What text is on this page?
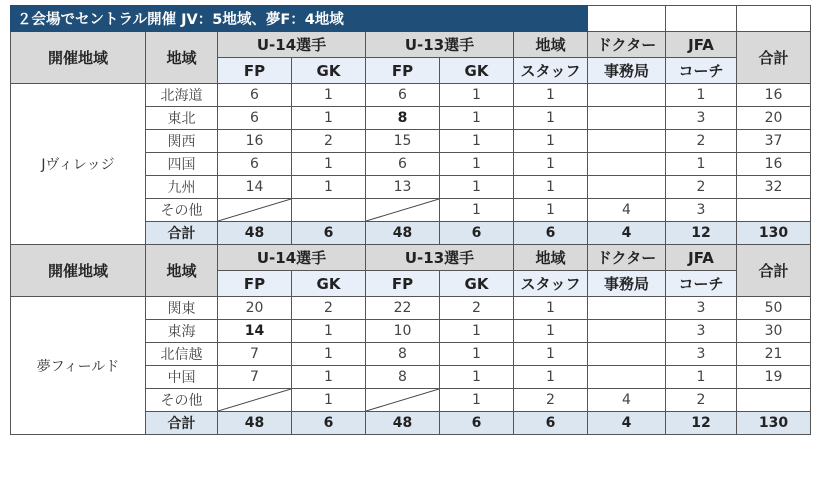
２会場でセントラル開催 JV：5地域、夢F：4地域									
開催地域	地域	U-14選手		U-13選手		地域	ドクター	JFA	合計
		FP	GK	FP	GK	スタッフ	事務局	コーチ	
Jヴィレッジ	北海道	6	1	6	1	1		1	16
	東北	6	1	8	1	1		3	20
	関西	16	2	15	1	1		2	37
	四国	6	1	6	1	1		1	16
	九州	14	1	13	1	1		2	32
	その他				1	1	4	3	
	合計	48	6	48	6	6	4	12	130
開催地域	地域	U-14選手		U-13選手		地域	ドクター	JFA	合計
		FP	GK	FP	GK	スタッフ	事務局	コーチ	
夢フィールド	関東	20	2	22	2	1		3	50
	東海	14	1	10	1	1		3	30
	北信越	7	1	8	1	1		3	21
	中国	7	1	8	1	1		1	19
	その他		1		1	2	4	2	
	合計	48	6	48	6	6	4	12	130
